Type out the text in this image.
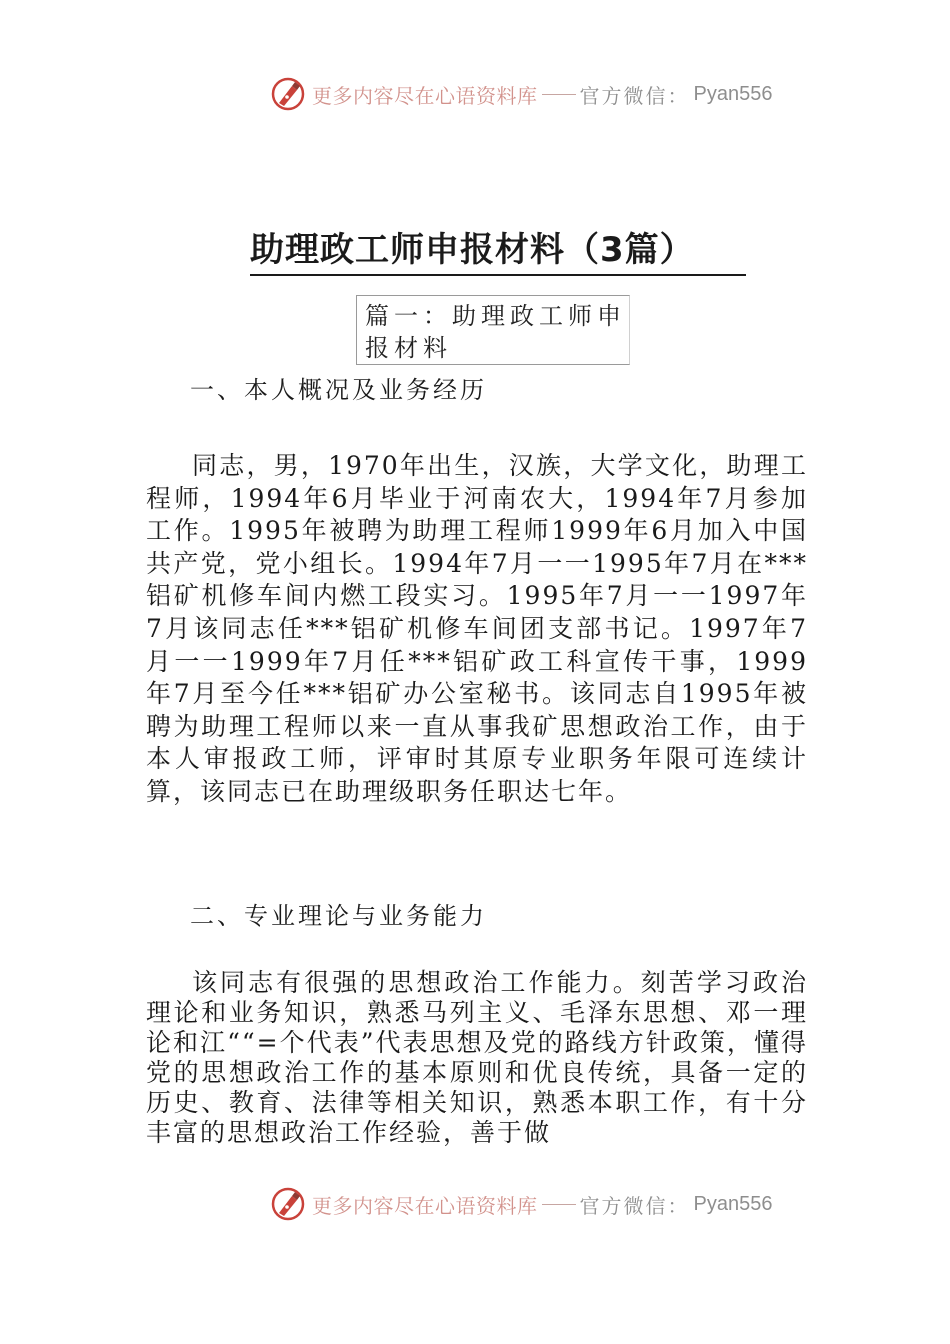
更多内容尽在心语资料库 官方微信： Pyan556
助理政工师申报材料（3篇）
篇一：助理政工师申报材料
一、本人概况及业务经历

同志，男，1970年出生，汉族，大学文化，助理工程师，1994年6月毕业于河南农大，1994年7月参加工作。1995年被聘为助理工程师1999年6月加入中国共产党，党小组长。1994年7月一一1995年7月在***铝矿机修车间内燃工段实习。1995年7月一一1997年7月该同志任***铝矿机修车间团支部书记。1997年7月一一1999年7月任***铝矿政工科宣传干事，1999年7月至今任***铝矿办公室秘书。该同志自1995年被聘为助理工程师以来一直从事我矿思想政治工作，由于本人审报政工师，评审时其原专业职务年限可连续计算，该同志已在助理级职务任职达七年。

二、专业理论与业务能力

该同志有很强的思想政治工作能力。刻苦学习政治理论和业务知识，熟悉马列主义、毛泽东思想、邓一理论和江““=个代表”代表思想及党的路线方针政策，懂得党的思想政治工作的基本原则和优良传统，具备一定的历史、教育、法律等相关知识，熟悉本职工作，有十分丰富的思想政治工作经验，善于做

更多内容尽在心语资料库 官方微信： Pyan556
